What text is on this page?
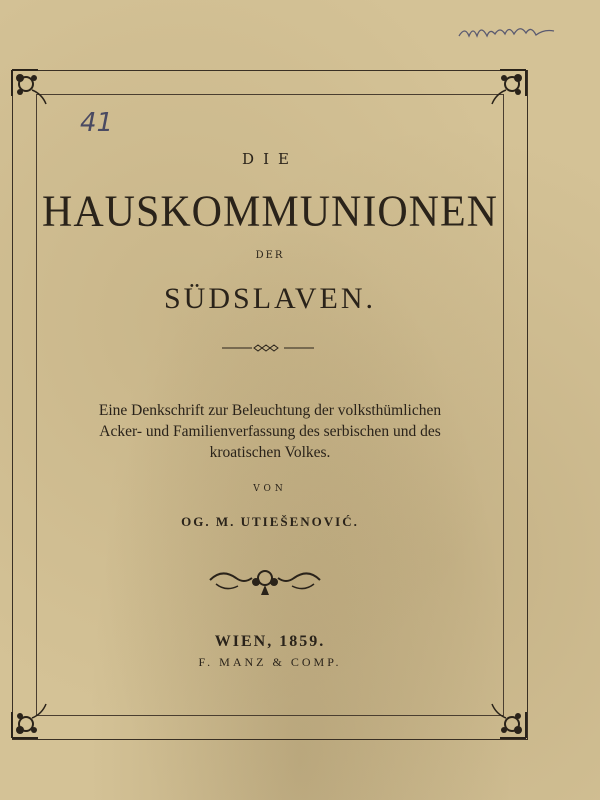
41
DIE
HAUSKOMMUNIONEN
DER
SÜDSLAVEN.
Eine Denkschrift zur Beleuchtung der volksthümlichen
Acker- und Familienverfassung des serbischen und des
kroatischen Volkes.
VON
OG. M. UTIEŠENOVIĆ.
WIEN, 1859.
F. MANZ & COMP.
